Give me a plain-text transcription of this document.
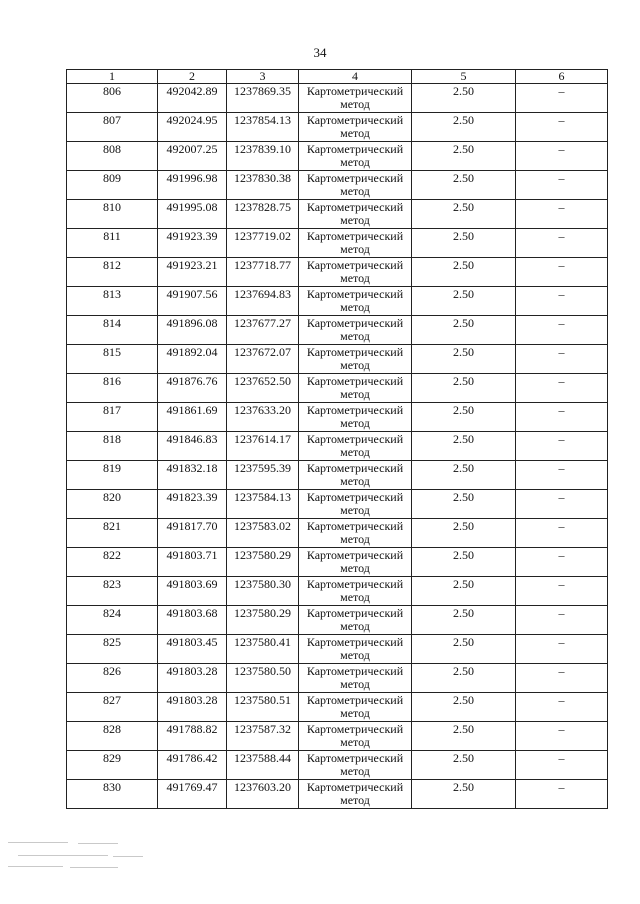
34
1	2	3	4	5	6
806	492042.89	1237869.35	Картометрический метод	2.50	–
807	492024.95	1237854.13	Картометрический метод	2.50	–
808	492007.25	1237839.10	Картометрический метод	2.50	–
809	491996.98	1237830.38	Картометрический метод	2.50	–
810	491995.08	1237828.75	Картометрический метод	2.50	–
811	491923.39	1237719.02	Картометрический метод	2.50	–
812	491923.21	1237718.77	Картометрический метод	2.50	–
813	491907.56	1237694.83	Картометрический метод	2.50	–
814	491896.08	1237677.27	Картометрический метод	2.50	–
815	491892.04	1237672.07	Картометрический метод	2.50	–
816	491876.76	1237652.50	Картометрический метод	2.50	–
817	491861.69	1237633.20	Картометрический метод	2.50	–
818	491846.83	1237614.17	Картометрический метод	2.50	–
819	491832.18	1237595.39	Картометрический метод	2.50	–
820	491823.39	1237584.13	Картометрический метод	2.50	–
821	491817.70	1237583.02	Картометрический метод	2.50	–
822	491803.71	1237580.29	Картометрический метод	2.50	–
823	491803.69	1237580.30	Картометрический метод	2.50	–
824	491803.68	1237580.29	Картометрический метод	2.50	–
825	491803.45	1237580.41	Картометрический метод	2.50	–
826	491803.28	1237580.50	Картометрический метод	2.50	–
827	491803.28	1237580.51	Картометрический метод	2.50	–
828	491788.82	1237587.32	Картометрический метод	2.50	–
829	491786.42	1237588.44	Картометрический метод	2.50	–
830	491769.47	1237603.20	Картометрический метод	2.50	–
